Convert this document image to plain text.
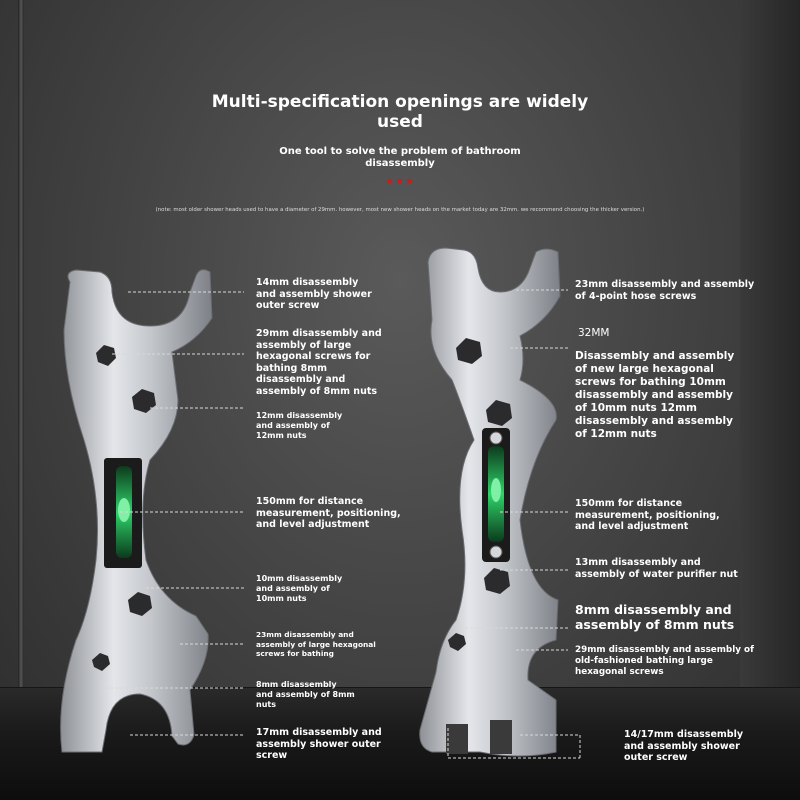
Multi-specification openings are widely used
One tool to solve the problem of bathroom disassembly
★★★
(note: most older shower heads used to have a diameter of 29mm. however, most new shower heads on the market today are 32mm. we recommend choosing the thicker version.)
14mm disassembly and assembly shower outer screw
29mm disassembly and assembly of large hexagonal screws for bathing 8mm disassembly and assembly of 8mm nuts
12mm disassembly and assembly of 12mm nuts
150mm for distance measurement, positioning, and level adjustment
10mm disassembly and assembly of 10mm nuts
23mm disassembly and assembly of large hexagonal screws for bathing
8mm disassembly and assembly of 8mm nuts
17mm disassembly and assembly shower outer screw
23mm disassembly and assembly of 4-point hose screws
32MM
Disassembly and assembly of new large hexagonal screws for bathing 10mm disassembly and assembly of 10mm nuts 12mm disassembly and assembly of 12mm nuts
150mm for distance measurement, positioning, and level adjustment
13mm disassembly and assembly of water purifier nut
8mm disassembly and assembly of 8mm nuts
29mm disassembly and assembly of old-fashioned bathing large hexagonal screws
14/17mm disassembly and assembly shower outer screw
